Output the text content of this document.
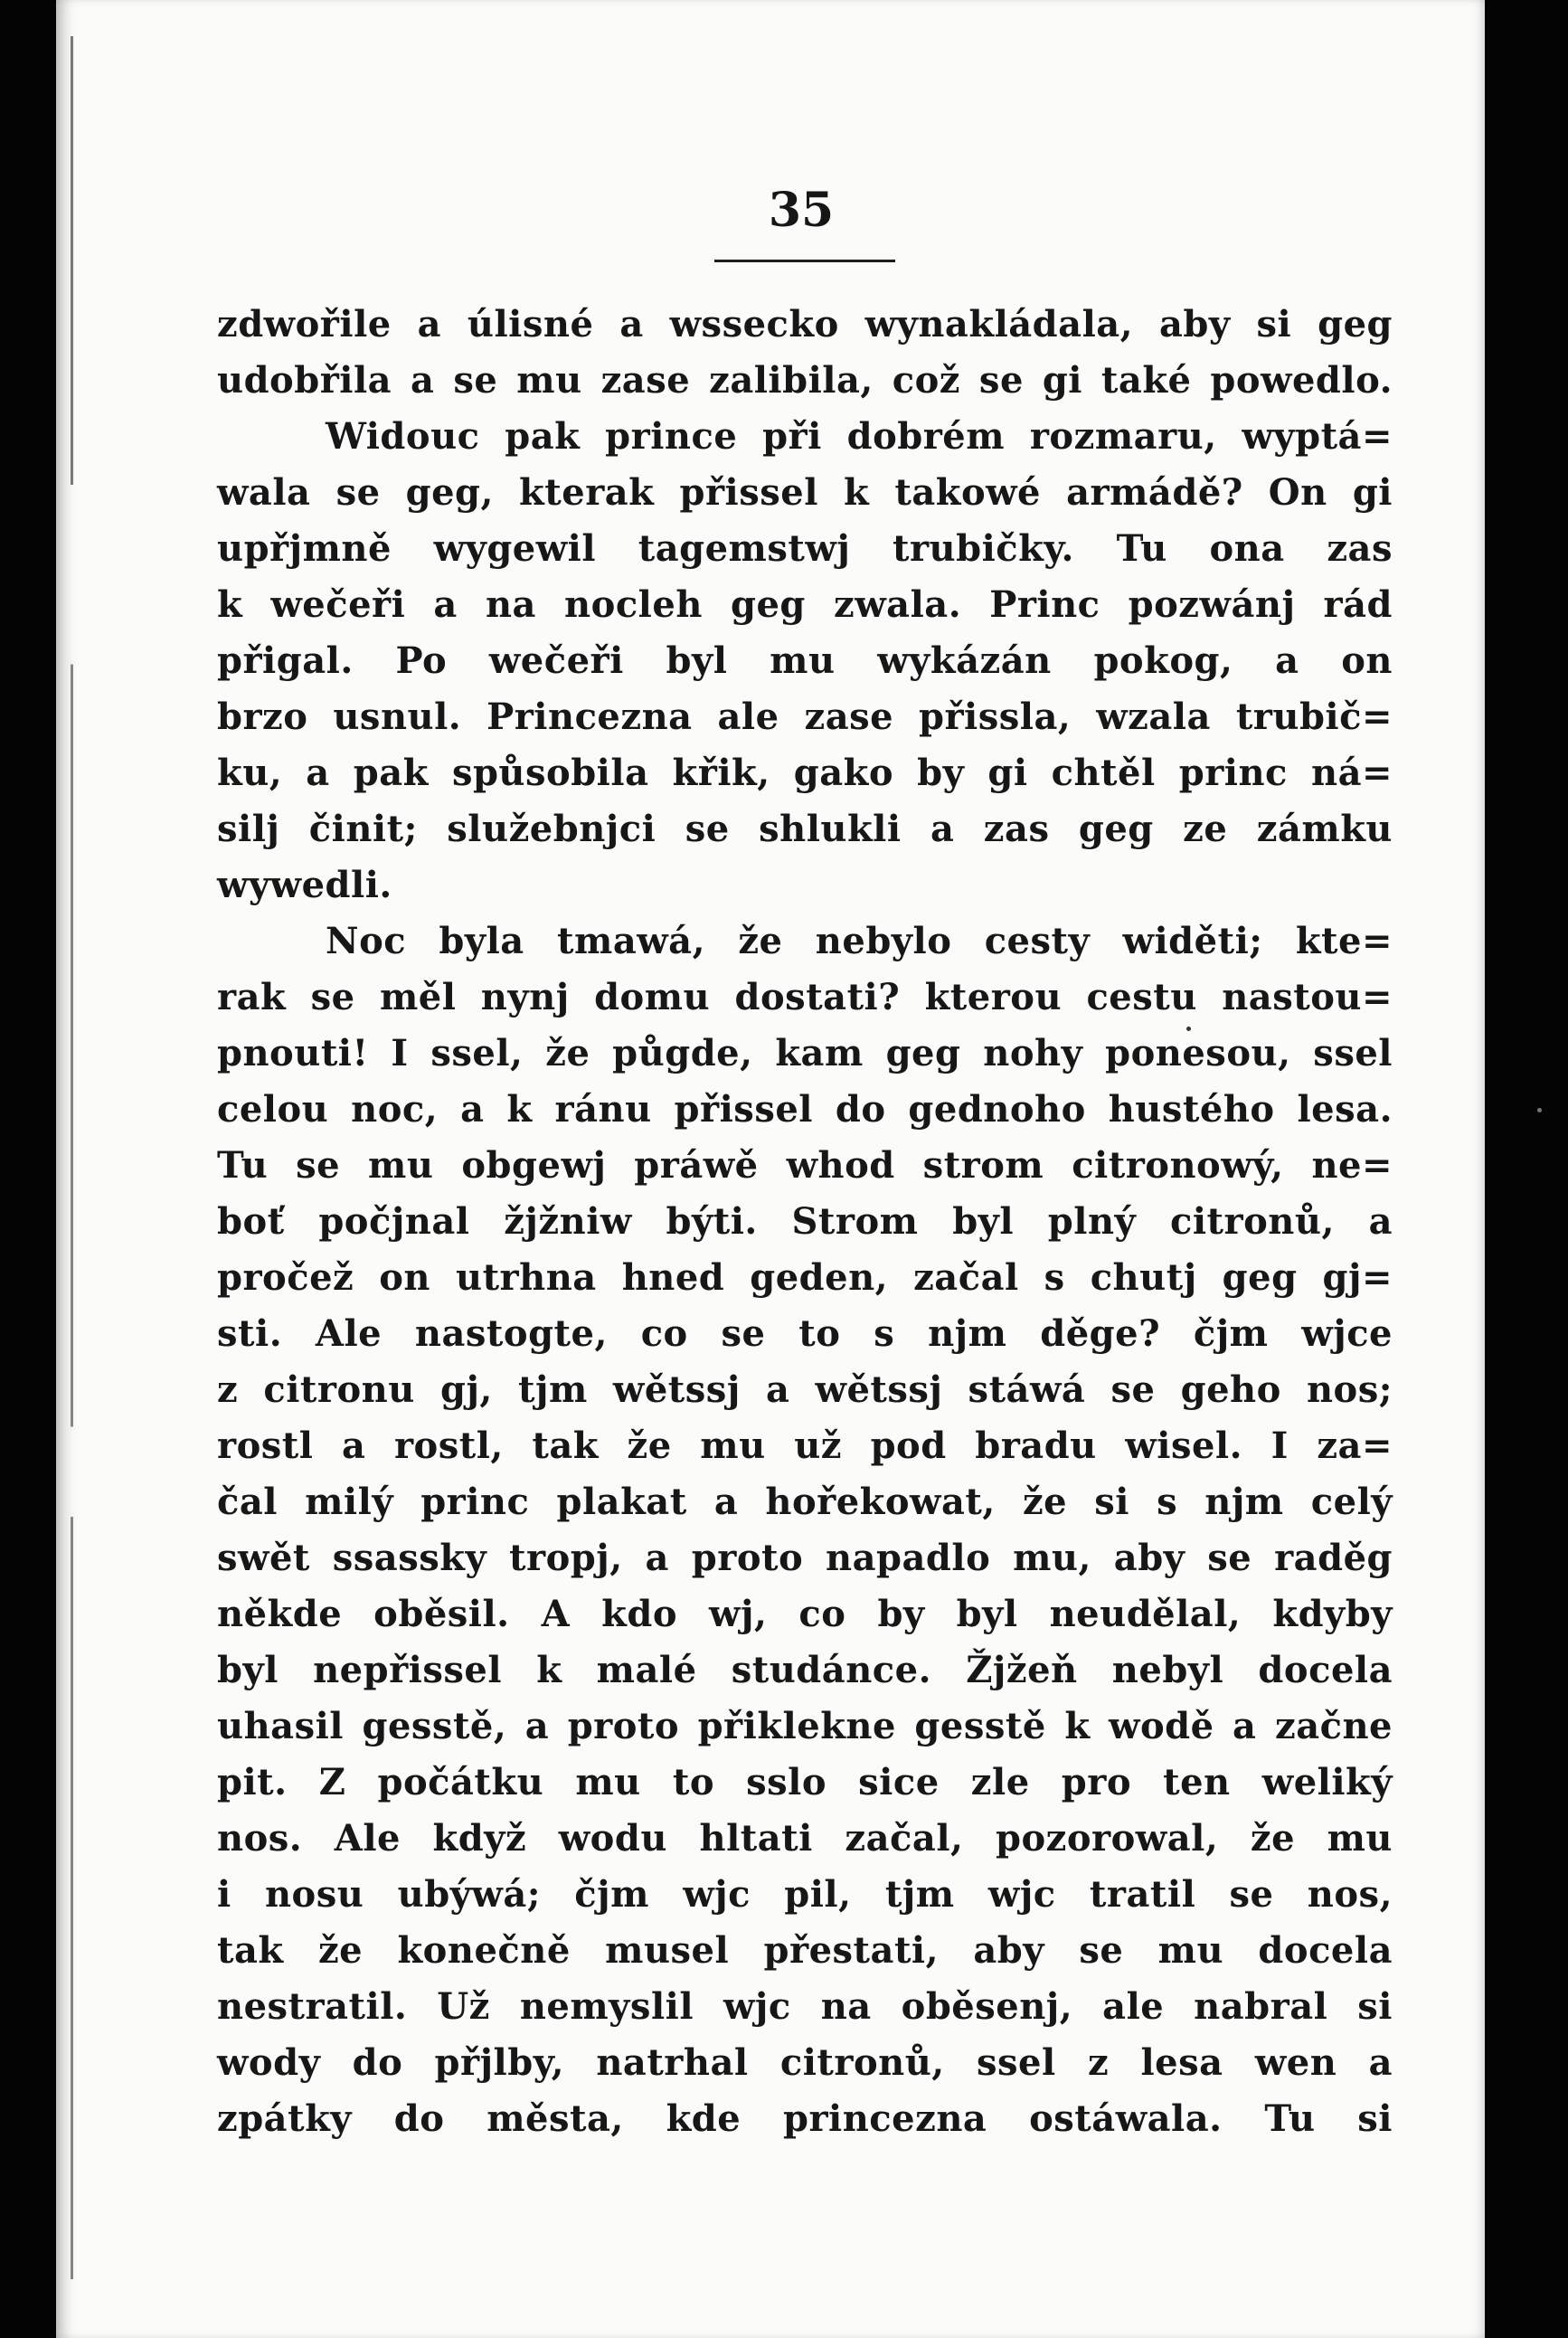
35
zdwořile a úlisné a wssecko wynakládala, aby si geg
udobřila a se mu zase zalibila, což se gi také powedlo.
Widouc pak prince při dobrém rozmaru, wyptá=
wala se geg, kterak přissel k takowé armádě? On gi
upřjmně wygewil tagemstwj trubičky. Tu ona zas
k wečeři a na nocleh geg zwala. Princ pozwánj rád
přigal. Po wečeři byl mu wykázán pokog, a on
brzo usnul. Princezna ale zase přissla, wzala trubič=
ku, a pak spůsobila křik, gako by gi chtěl princ ná=
silj činit; služebnjci se shlukli a zas geg ze zámku
wywedli.
Noc byla tmawá, že nebylo cesty widěti; kte=
rak se měl nynj domu dostati? kterou cestu nastou=
pnouti! I ssel, že půgde, kam geg nohy ponesou, ssel
celou noc, a k ránu přissel do gednoho hustého lesa.
Tu se mu obgewj práwě whod strom citronowý, ne=
boť počjnal žjžniw býti. Strom byl plný citronů, a
pročež on utrhna hned geden, začal s chutj geg gj=
sti. Ale nastogte, co se to s njm děge? čjm wjce
z citronu gj, tjm wětssj a wětssj stáwá se geho nos;
rostl a rostl, tak že mu už pod bradu wisel. I za=
čal milý princ plakat a hořekowat, že si s njm celý
swět ssassky tropj, a proto napadlo mu, aby se raděg
někde oběsil. A kdo wj, co by byl neudělal, kdyby
byl nepřissel k malé studánce. Žjžeň nebyl docela
uhasil gesstě, a proto přiklekne gesstě k wodě a začne
pit. Z počátku mu to sslo sice zle pro ten weliký
nos. Ale když wodu hltati začal, pozorowal, že mu
i nosu ubýwá; čjm wjc pil, tjm wjc tratil se nos,
tak že konečně musel přestati, aby se mu docela
nestratil. Už nemyslil wjc na oběsenj, ale nabral si
wody do přjlby, natrhal citronů, ssel z lesa wen a
zpátky do města, kde princezna ostáwala. Tu si
